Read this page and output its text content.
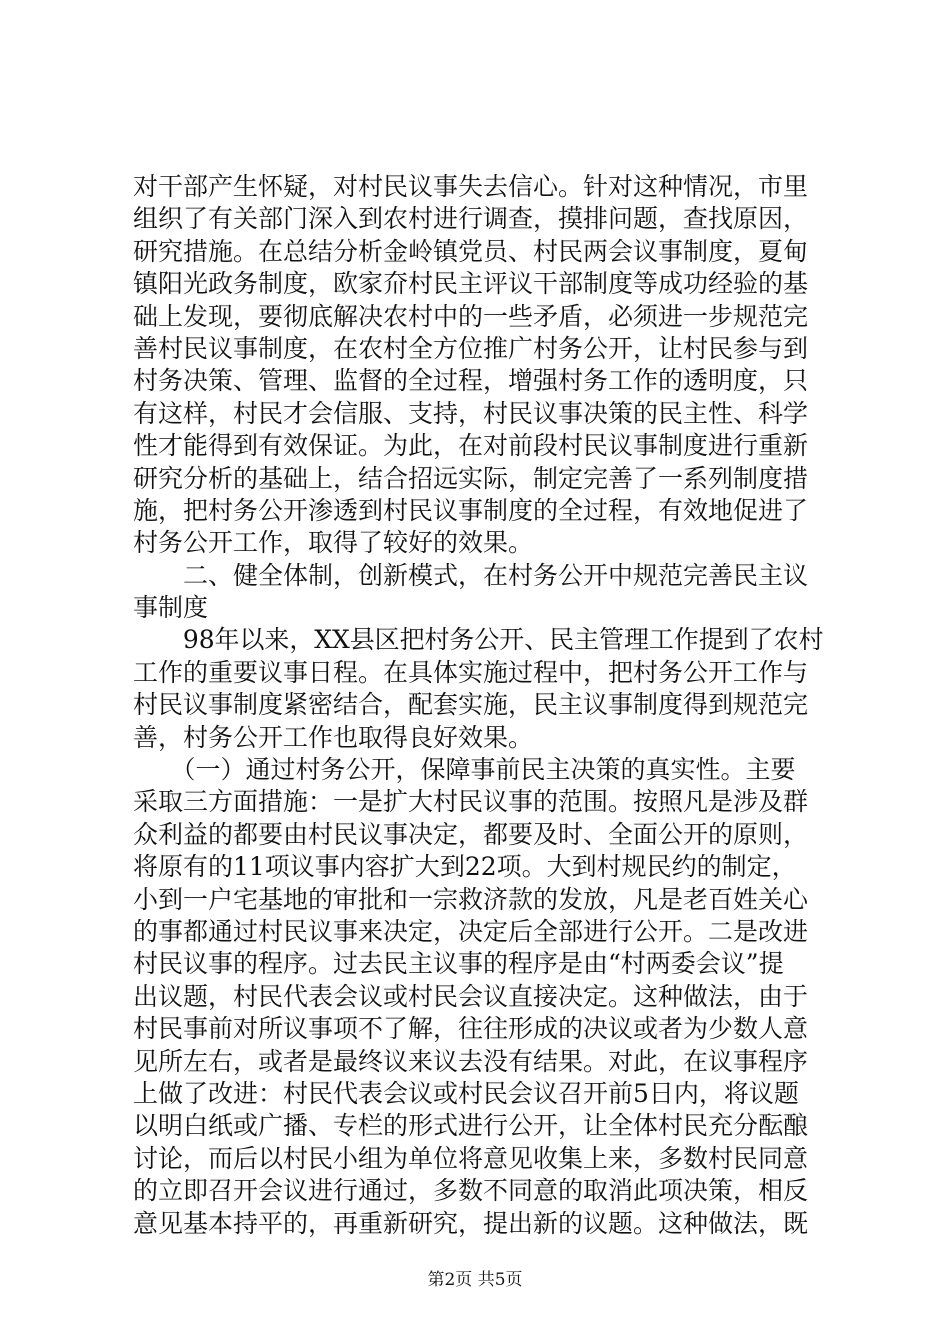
对干部产生怀疑，对村民议事失去信心。针对这种情况，市里
组织了有关部门深入到农村进行调查，摸排问题，查找原因，
研究措施。在总结分析金岭镇党员、村民两会议事制度，夏甸
镇阳光政务制度，欧家夼村民主评议干部制度等成功经验的基
础上发现，要彻底解决农村中的一些矛盾，必须进一步规范完
善村民议事制度，在农村全方位推广村务公开，让村民参与到
村务决策、管理、监督的全过程，增强村务工作的透明度，只
有这样，村民才会信服、支持，村民议事决策的民主性、科学
性才能得到有效保证。为此，在对前段村民议事制度进行重新
研究分析的基础上，结合招远实际，制定完善了一系列制度措
施，把村务公开渗透到村民议事制度的全过程，有效地促进了
村务公开工作，取得了较好的效果。
　　二、健全体制，创新模式，在村务公开中规范完善民主议
事制度
　　98年以来，XX县区把村务公开、民主管理工作提到了农村
工作的重要议事日程。在具体实施过程中，把村务公开工作与
村民议事制度紧密结合，配套实施，民主议事制度得到规范完
善，村务公开工作也取得良好效果。
　　（一）通过村务公开，保障事前民主决策的真实性。主要
采取三方面措施：一是扩大村民议事的范围。按照凡是涉及群
众利益的都要由村民议事决定，都要及时、全面公开的原则，
将原有的11项议事内容扩大到22项。大到村规民约的制定，
小到一户宅基地的审批和一宗救济款的发放，凡是老百姓关心
的事都通过村民议事来决定，决定后全部进行公开。二是改进
村民议事的程序。过去民主议事的程序是由“村两委会议”提
出议题，村民代表会议或村民会议直接决定。这种做法，由于
村民事前对所议事项不了解，往往形成的决议或者为少数人意
见所左右，或者是最终议来议去没有结果。对此，在议事程序
上做了改进：村民代表会议或村民会议召开前5日内，将议题
以明白纸或广播、专栏的形式进行公开，让全体村民充分酝酿
讨论，而后以村民小组为单位将意见收集上来，多数村民同意
的立即召开会议进行通过，多数不同意的取消此项决策，相反
意见基本持平的，再重新研究，提出新的议题。这种做法，既
第2页 共5页
